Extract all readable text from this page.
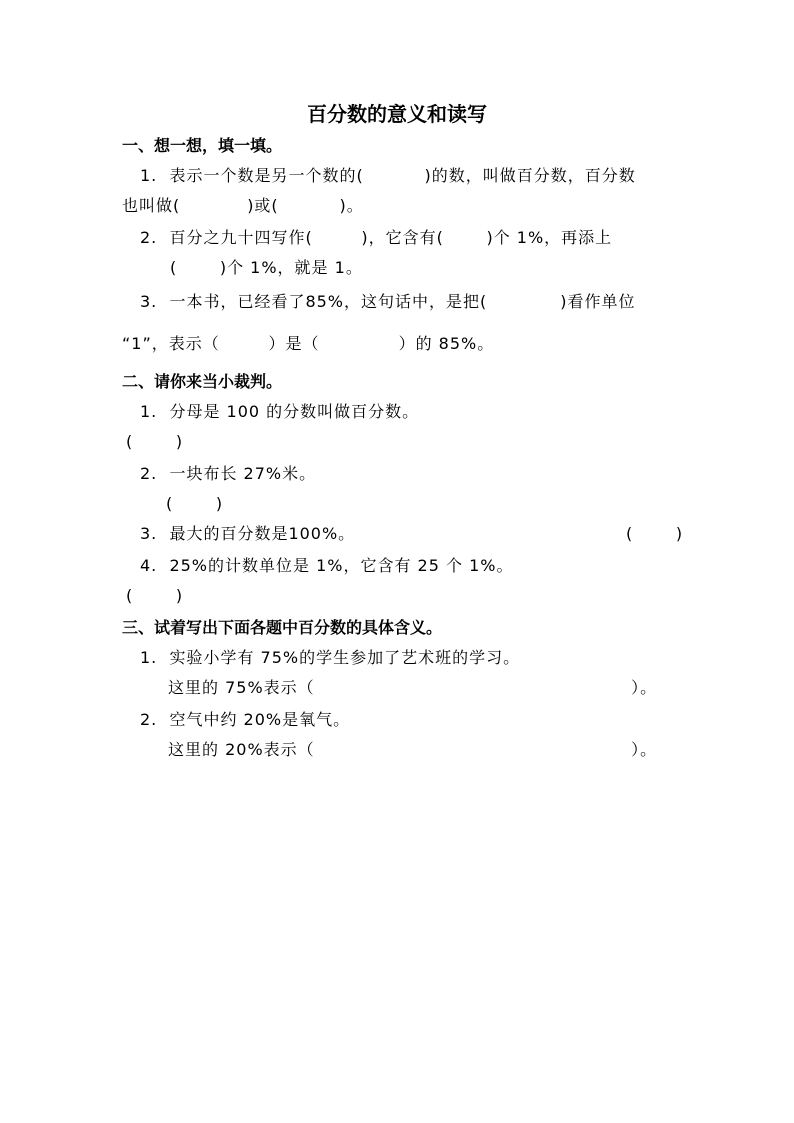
百分数的意义和读写
一、想一想，填一填。
1.  表示一个数是另一个数的(          )的数，叫做百分数，百分数
也叫做(           )或(          )。
2.  百分之九十四写作(        )，它含有(       )个 1%，再添上
(       )个 1%，就是 1。
3.  一本书，已经看了85%，这句话中，是把(            )看作单位
“1”，表示（        ）是（             ）的 85%。
二、请你来当小裁判。
1.  分母是 100 的分数叫做百分数。
(       )
2.  一块布长 27%米。
(       )
3.  最大的百分数是100%。	(       )
4.  25%的计数单位是 1%，它含有 25 个 1%。
(       )
三、试着写出下面各题中百分数的具体含义。
1.  实验小学有 75%的学生参加了艺术班的学习。
这里的 75%表示（                                                    ）。
2.  空气中约 20%是氧气。
这里的 20%表示（                                                    ）。
